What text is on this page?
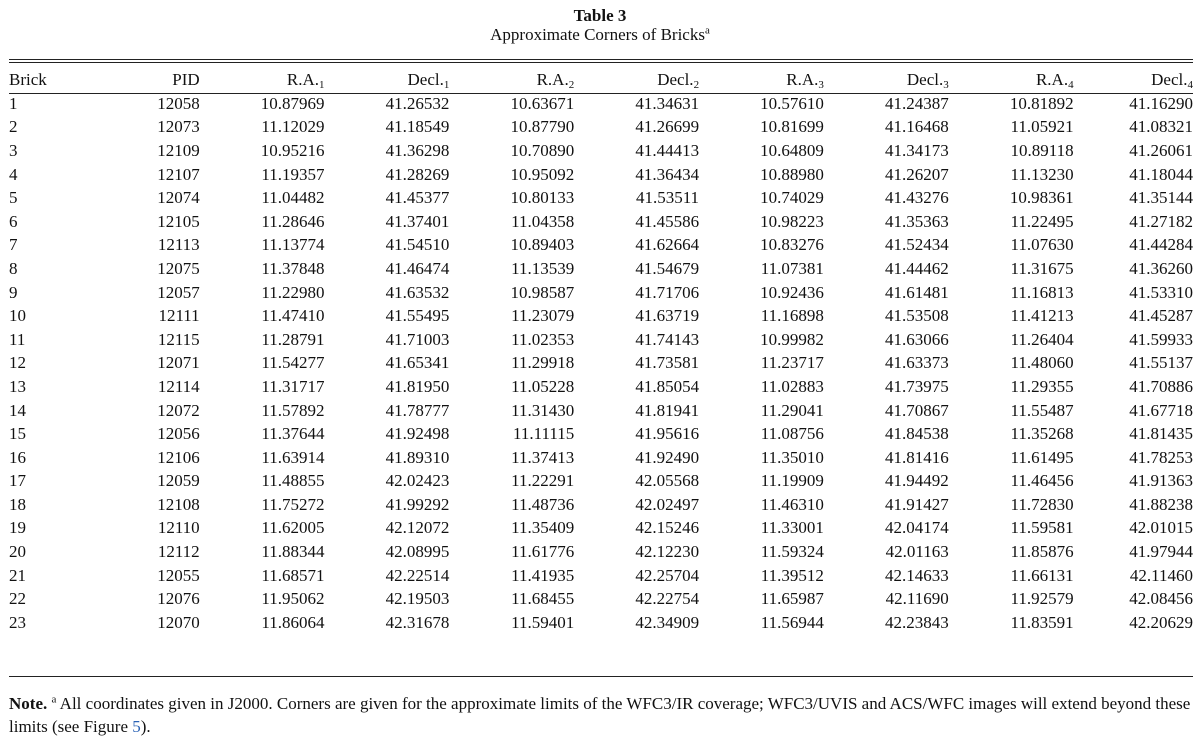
Table 3
Approximate Corners of Bricks$^a$
Brick	PID	$R.A._1$	$Decl._1$	$R.A._2$	$Decl._2$	$R.A._3$	$Decl._3$	$R.A._4$	$Decl._4$
1	12058	10.87969	41.26532	10.63671	41.34631	10.57610	41.24387	10.81892	41.16290
2	12073	11.12029	41.18549	10.87790	41.26699	10.81699	41.16468	11.05921	41.08321
3	12109	10.95216	41.36298	10.70890	41.44413	10.64809	41.34173	10.89118	41.26061
4	12107	11.19357	41.28269	10.95092	41.36434	10.88980	41.26207	11.13230	41.18044
5	12074	11.04482	41.45377	10.80133	41.53511	10.74029	41.43276	10.98361	41.35144
6	12105	11.28646	41.37401	11.04358	41.45586	10.98223	41.35363	11.22495	41.27182
7	12113	11.13774	41.54510	10.89403	41.62664	10.83276	41.52434	11.07630	41.44284
8	12075	11.37848	41.46474	11.13539	41.54679	11.07381	41.44462	11.31675	41.36260
9	12057	11.22980	41.63532	10.98587	41.71706	10.92436	41.61481	11.16813	41.53310
10	12111	11.47410	41.55495	11.23079	41.63719	11.16898	41.53508	11.41213	41.45287
11	12115	11.28791	41.71003	11.02353	41.74143	10.99982	41.63066	11.26404	41.59933
12	12071	11.54277	41.65341	11.29918	41.73581	11.23717	41.63373	11.48060	41.55137
13	12114	11.31717	41.81950	11.05228	41.85054	11.02883	41.73975	11.29355	41.70886
14	12072	11.57892	41.78777	11.31430	41.81941	11.29041	41.70867	11.55487	41.67718
15	12056	11.37644	41.92498	11.11115	41.95616	11.08756	41.84538	11.35268	41.81435
16	12106	11.63914	41.89310	11.37413	41.92490	11.35010	41.81416	11.61495	41.78253
17	12059	11.48855	42.02423	11.22291	42.05568	11.19909	41.94492	11.46456	41.91363
18	12108	11.75272	41.99292	11.48736	42.02497	11.46310	41.91427	11.72830	41.88238
19	12110	11.62005	42.12072	11.35409	42.15246	11.33001	42.04174	11.59581	42.01015
20	12112	11.88344	42.08995	11.61776	42.12230	11.59324	42.01163	11.85876	41.97944
21	12055	11.68571	42.22514	11.41935	42.25704	11.39512	42.14633	11.66131	42.11460
22	12076	11.95062	42.19503	11.68455	42.22754	11.65987	42.11690	11.92579	42.08456
23	12070	11.86064	42.31678	11.59401	42.34909	11.56944	42.23843	11.83591	42.20629
Note. $^a$ All coordinates given in J2000. Corners are given for the approximate limits of the WFC3/IR coverage; WFC3/UVIS and ACS/WFC images will extend beyond these limits (see Figure 5).
